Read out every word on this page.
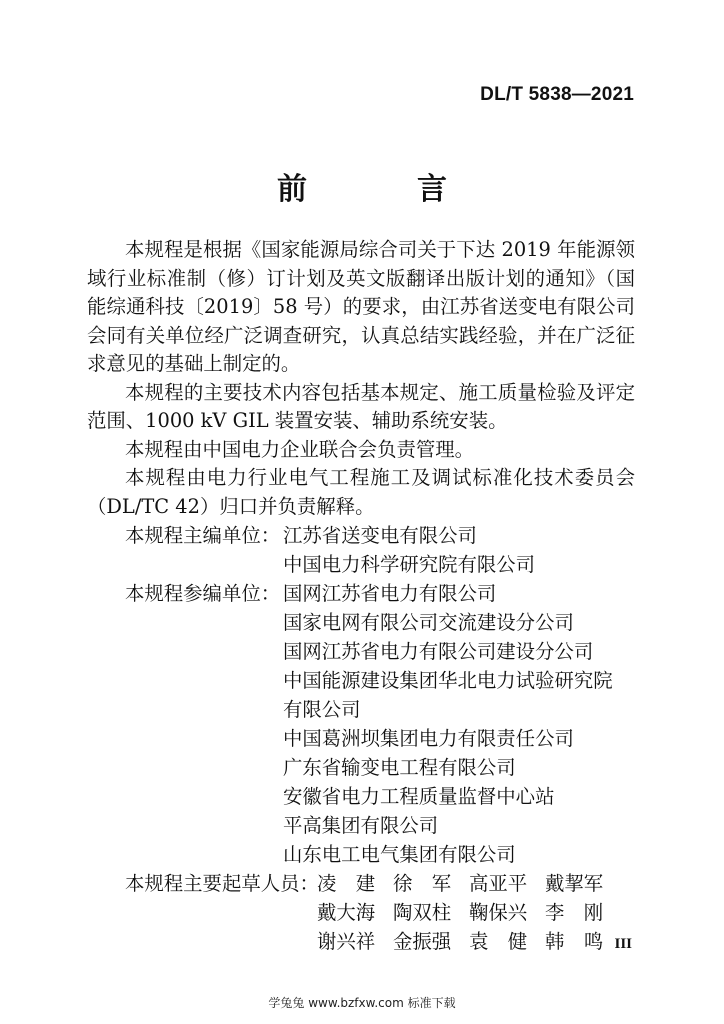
DL/T 5838—2021
前　言

本规程是根据《国家能源局综合司关于下达 2019 年能源领域行业标准制（修）订计划及英文版翻译出版计划的通知》（国能综通科技〔2019〕58 号）的要求，由江苏省送变电有限公司会同有关单位经广泛调查研究，认真总结实践经验，并在广泛征求意见的基础上制定的。

本规程的主要技术内容包括基本规定、施工质量检验及评定范围、1000 kV GIL 装置安装、辅助系统安装。

本规程由中国电力企业联合会负责管理。

本规程由电力行业电气工程施工及调试标准化技术委员会（DL/TC 42）归口并负责解释。

本规程主编单位： 江苏省送变电有限公司
中国电力科学研究院有限公司
本规程参编单位： 国网江苏省电力有限公司
国家电网有限公司交流建设分公司
国网江苏省电力有限公司建设分公司
中国能源建设集团华北电力试验研究院
有限公司
中国葛洲坝集团电力有限责任公司
广东省输变电工程有限公司
安徽省电力工程质量监督中心站
平高集团有限公司
山东电工电气集团有限公司
本规程主要起草人员：
凌　建 徐　军 高亚平 戴挈军
戴大海 陶双柱 鞠保兴 李　刚
谢兴祥 金振强 袁　健 韩　鸣 III
学兔兔 www.bzfxw.com 标准下载
